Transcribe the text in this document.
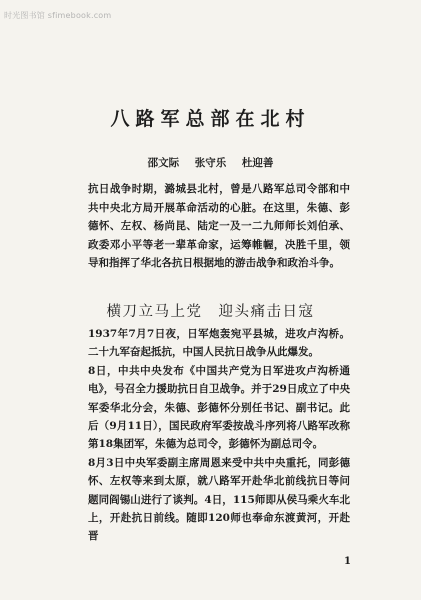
时光图书馆 sfimebook.com
八路军总部在北村
邵文际 张守乐 杜迎善
抗日战争时期，潞城县北村，曾是八路军总司令部和中共中央北方局开展革命活动的心脏。在这里，朱德、彭德怀、左权、杨尚昆、陆定一及一二九师师长刘伯承、政委邓小平等老一辈革命家，运筹帷幄，决胜千里，领导和指挥了华北各抗日根据地的游击战争和政治斗争。
横刀立马上党　迎头痛击日寇

1937年7月7日夜，日军炮轰宛平县城，进攻卢沟桥。二十九军奋起抵抗，中国人民抗日战争从此爆发。

8日，中共中央发布《中国共产党为日军进攻卢沟桥通电》，号召全力援助抗日自卫战争。并于29日成立了中央军委华北分会，朱德、彭德怀分别任书记、副书记。此后（9月11日），国民政府军委按战斗序列将八路军改称第18集团军，朱德为总司令，彭德怀为副总司令。

8月3日中央军委副主席周恩来受中共中央重托，同彭德怀、左权等来到太原，就八路军开赴华北前线抗日等问题同阎锡山进行了谈判。4日，115师即从侯马乘火车北上，开赴抗日前线。随即120师也奉命东渡黄河，开赴晋

1
